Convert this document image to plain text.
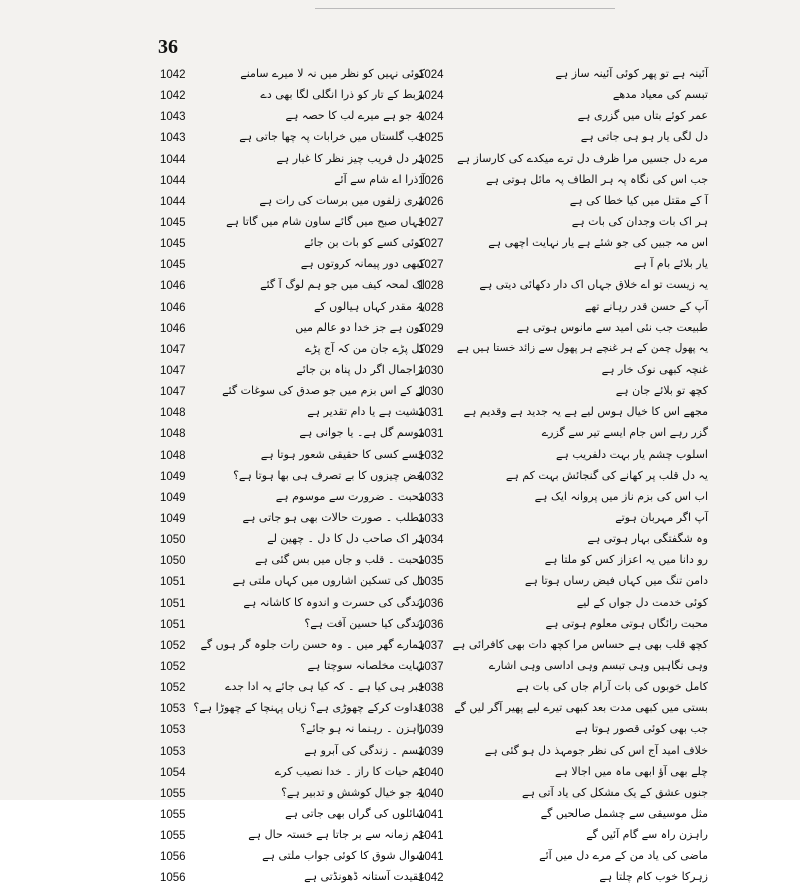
36
1042	کوئی نہیں کو نظر میں نہ لا میرے سامنے
1042	بربط کے تار کو ذرا انگلی لگا بھی دے
1043	یہ جو ہے میرے لب کا حصہ ہے
1043	جب گلستاں میں خرابات پہ چھا جاتی ہے
1044	ہر دل فریب چیز نظر کا غبار ہے
1044	آ ذرا اے شام سے آئے
1044	تیری زلفوں میں برسات کی رات ہے
1045	جہاں صبح میں گائے ساون شام میں گاتا ہے
1045	کوئی کسے کو بات بن جائے
1045	کبھی دور پیمانہ کروتوں ہے
1046	اک لمحہ کیف میں جو ہم لوگ آ گئے
1046	یہ مقدر کہاں ہیالوں کے
1046	کون ہے جز خدا دو عالم میں
1047	کل پڑے جان من کہ آج پڑے
1047	تراجمال اگر دل پناہ بن جائے
1047	لے کے اس بزم میں جو صدق کی سوغات گئے
1048	مشیت ہے یا دام تقدیر ہے
1048	موسم گل ہے۔ یا جوانی ہے
1048	جسے کسی کا حقیقی شعور ہوتا ہے
1049	بعض چیزوں کا بے تصرف ہی بھا ہوتا ہے؟
1049	محبت ۔ ضرورت سے موسوم ہے
1049	مطلب ۔ صورت حالات بھی ہو جاتی ہے
1050	ہر اک صاحب دل کا دل ۔ چھین لے
1050	محبت ۔ قلب و جاں میں بس گئی ہے
1051	دل کی تسکین اشاروں میں کہاں ملتی ہے
1051	زندگی کی حسرت و اندوہ کا کاشانہ ہے
1051	زندگی کیا حسین آفت ہے؟
1052 ہمارے گھر میں ۔ وہ حسن رات جلوہ گر ہوں گے
1052	نہایت مخلصانہ سوچتا ہے
1052	خبر ہی کیا ہے ۔ کہ کیا ہی جائے یہ ادا جدے
1053 عداوت کرکے چھوڑی ہے؟ زیاں پہنچا کے چھوڑا ہے؟
1053	راہزن ۔ رہنما نہ ہو جائے؟
1053	تبسم ۔ زندگی کی آبرو ہے
1054	غم حیات کا راز ۔ خدا نصیب کرے
1055	یہ جو خیال کوشش و تدبیر ہے؟
1055	سائلوں کی گراں بھی جاتی ہے
1055	غم زمانہ سے بر جاتا ہے خستہ حال ہے
1056	سوال شوق کا کوئی جواب ملتی ہے
1056	عقیدت آستانہ ڈھونڈتی ہے
1024	آئینہ ہے تو پھر کوئی آئینہ ساز ہے
1024	تبسم کی معیاد مدھے
1024	عمر کوئے بتاں میں گزری ہے
1025	دل لگی یار ہو ہی جاتی ہے
1025 مرے دل جسیں مرا ظرف دل ترے میکدے کی کارساز ہے
1026	جب اس کی نگاہ پہ ہر الطاف پہ مائل ہوتی ہے
1026	آ کے مقتل میں کیا خطا کی ہے
1027	ہر اک بات وجدان کی بات ہے
1027	اس مہ جبیں کی جو شئے ہے یار نہایت اچھی ہے
1027	یار بلائے بام آ ہے
1028	یہ زیست تو اے خلاق جہاں اک دار دکھائی دیتی ہے
1028	آپ کے حسن قدر رہانے تھے
1029	طبیعت جب نئی امید سے مانوس ہوتی ہے
1029 یہ پھول چمن کے ہر غنچے ہر پھول سے زائد خستا ہیں ہے
1030	غنچہ کبھی نوک خار ہے
1030	کچھ تو بلائے جان ہے
1031 مجھے اس کا خیال ہوس لیے ہے یہ جدید ہے وقدیم ہے
1031	گزر رہے اس جام ایسے تیر سے گزرے
1032	اسلوب چشم یار بہت دلفریب ہے
1032	یہ دل قلب پر کھانے کی گنجائش بہت کم ہے
1033	اب اس کی بزم ناز میں پروانہ ایک ہے
1033	آپ اگر مہربان ہوتے
1034	وہ شگفتگی بہار ہوتی ہے
1035	رو دانا میں یہ اعزاز کس کو ملتا ہے
1035	دامن تنگ میں کہاں فیض رساں ہوتا ہے
1036	کوئی خدمت دل جواں کے لیے
1036	محبت رائگاں ہوتی معلوم ہوتی ہے
1037 کچھ قلب بھی ہے حساس مرا کچھ دات بھی کافرائی ہے
1037	وہی نگاہیں وہی تبسم وہی اداسی وہی اشارے
1038	کامل خوبوں کی بات آرام جاں کی بات ہے
1038 بستی میں کبھی مدت بعد کبھی تیرے لیے پھیر آگر لیں گے
1039	جب بھی کوئی قصور ہوتا ہے
1039	خلاف امید آج اس کی نظر جومہذ دل ہو گئی ہے
1040	چلے بھی آؤ ابھی ماہ میں اجالا ہے
1040	جنوں عشق کے یک مشکل کی یاد آتی ہے
1041	مثل موسیقی سے چشمل صالحیں گے
1041	راہزن راہ سے گام آئیں گے
1041	ماضی کی یاد من کے مرے دل میں آئے
1042	زہرکا خوب کام چلتا ہے
